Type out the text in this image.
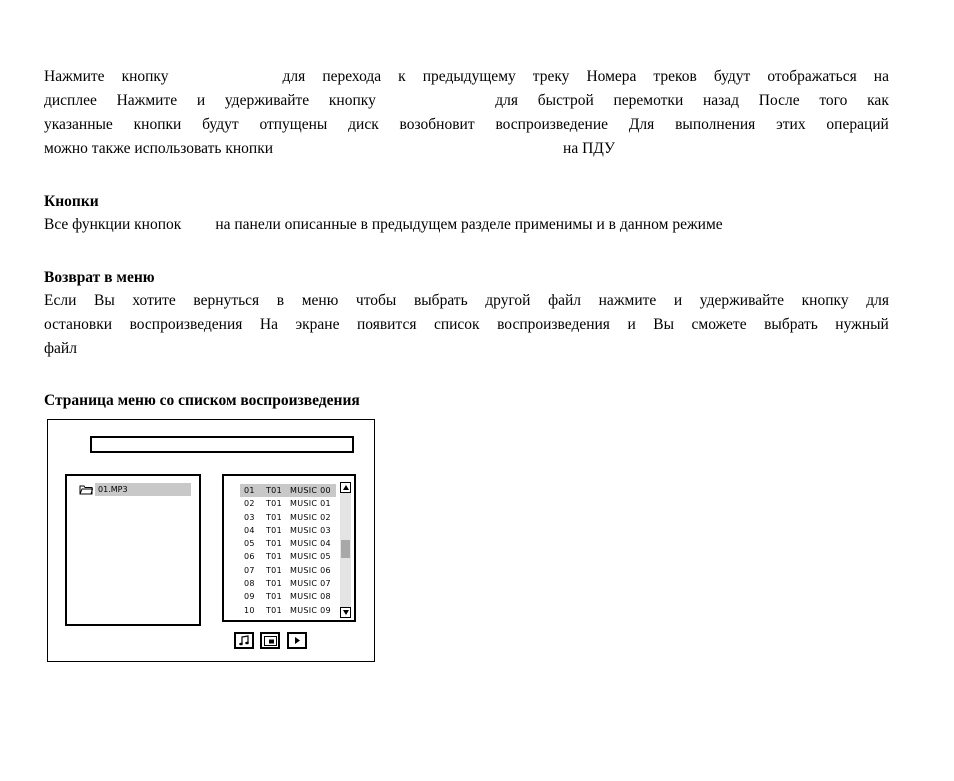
Нажмите кнопку	для перехода к предыдущему треку Номера треков будут отображаться на
дисплее Нажмите и удерживайте кнопку	для быстрой перемотки назад После того как
указанные кнопки будут отпущены диск возобновит воспроизведение Для выполнения этих операций
можно также использовать кнопки	на ПДУ
Кнопки
Все функции кнопок на панели описанные в предыдущем разделе применимы и в данном режиме
Возврат в меню
Если Вы хотите вернуться в меню чтобы выбрать другой файл нажмите и удерживайте кнопку для
остановки воспроизведения На экране появится список воспроизведения и Вы сможете выбрать нужный
файл
Страница меню со списком воспроизведения
01.MP3	01	T01	MUSIC 00
02	T01	MUSIC 01
03	T01	MUSIC 02
04	T01	MUSIC 03
05	T01	MUSIC 04
06	T01	MUSIC 05
07	T01	MUSIC 06
08	T01	MUSIC 07
09	T01	MUSIC 08
10	T01	MUSIC 09
